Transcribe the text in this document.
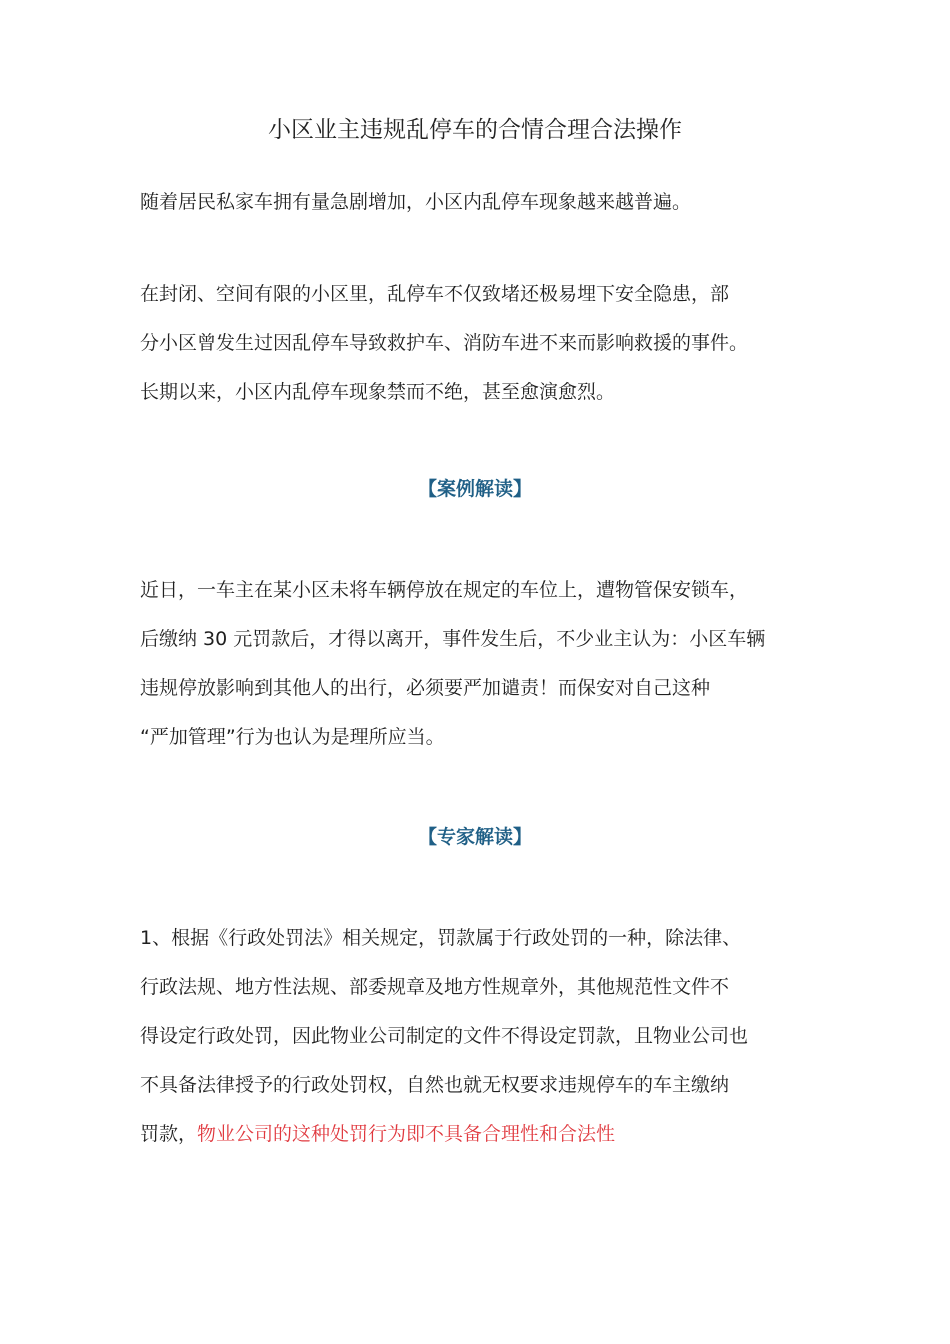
小区业主违规乱停车的合情合理合法操作
随着居民私家车拥有量急剧增加，小区内乱停车现象越来越普遍。
在封闭、空间有限的小区里，乱停车不仅致堵还极易埋下安全隐患，部
分小区曾发生过因乱停车导致救护车、消防车进不来而影响救援的事件。
长期以来，小区内乱停车现象禁而不绝，甚至愈演愈烈。
【案例解读】
近日，一车主在某小区未将车辆停放在规定的车位上，遭物管保安锁车，
后缴纳 30 元罚款后，才得以离开，事件发生后，不少业主认为：小区车辆
违规停放影响到其他人的出行，必须要严加谴责！而保安对自己这种
“严加管理”行为也认为是理所应当。
【专家解读】
1、根据《行政处罚法》相关规定，罚款属于行政处罚的一种，除法律、
行政法规、地方性法规、部委规章及地方性规章外，其他规范性文件不
得设定行政处罚，因此物业公司制定的文件不得设定罚款，且物业公司也
不具备法律授予的行政处罚权，自然也就无权要求违规停车的车主缴纳
罚款，物业公司的这种处罚行为即不具备合理性和合法性
